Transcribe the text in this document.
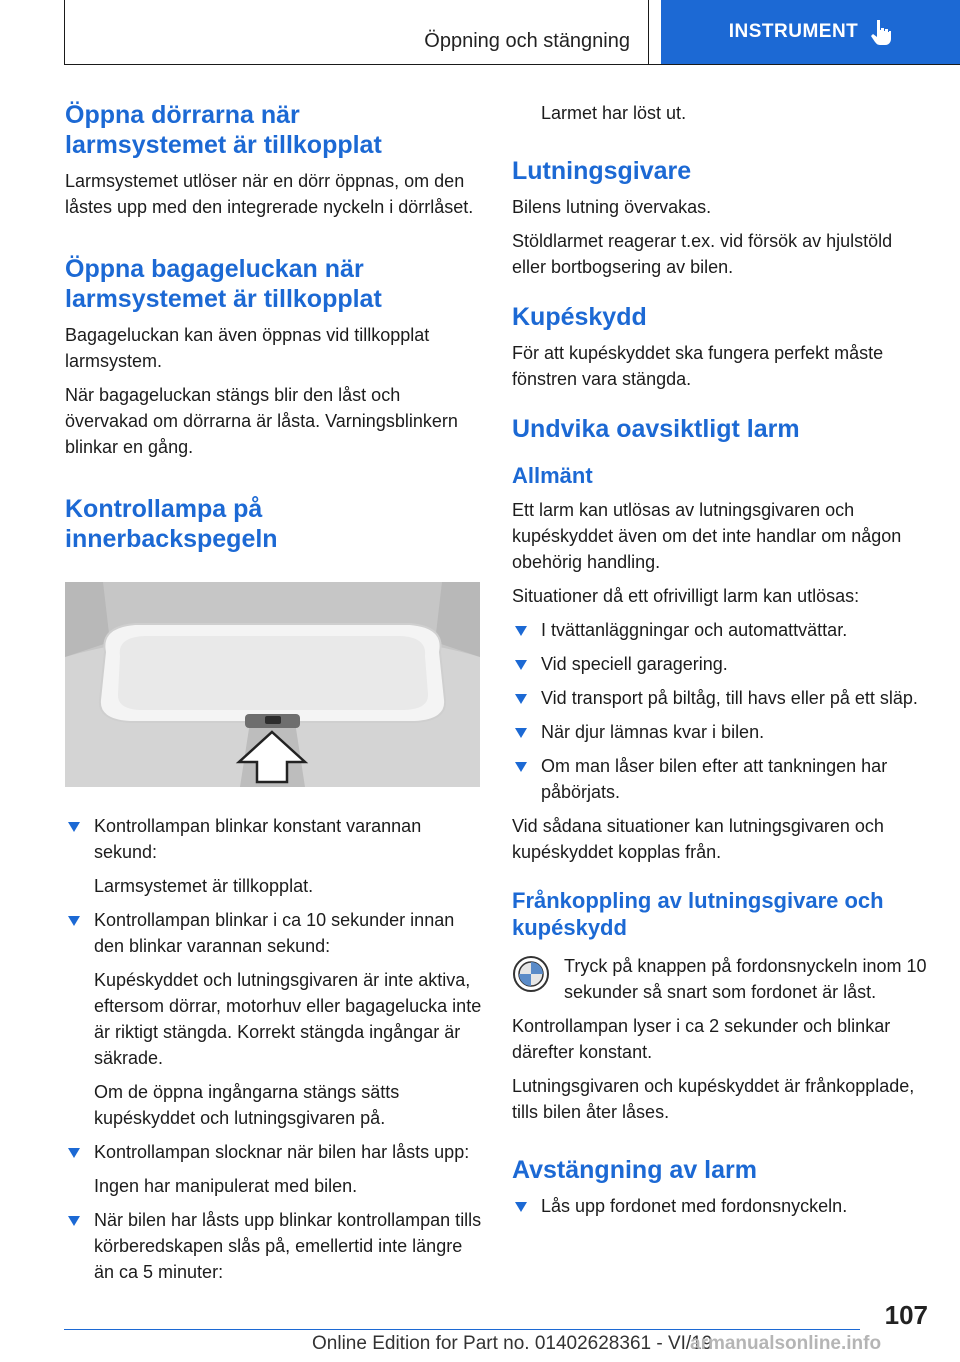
Öppning och stängning	INSTRUMENT
Öppna dörrarna när
larmsystemet är tillkopplat

Larmsystemet utlöser när en dörr öppnas, om den låstes upp med den integrerade nyckeln i dörrlåset.

Öppna bagageluckan när
larmsystemet är tillkopplat

Bagageluckan kan även öppnas vid tillkopplat larmsystem.

När bagageluckan stängs blir den låst och övervakad om dörrarna är låsta. Varningsblinkern blinkar en gång.

Kontrollampa på
innerbackspegeln

Kontrollampan blinkar konstant varannan sekund:

Larmsystemet är tillkopplat.

Kontrollampan blinkar i ca 10 sekunder innan den blinkar varannan sekund:

Kupéskyddet och lutningsgivaren är inte aktiva, eftersom dörrar, motorhuv eller bagagelucka inte är riktigt stängda. Korrekt stängda ingångar är säkrade.

Om de öppna ingångarna stängs sätts kupéskyddet och lutningsgivaren på.

Kontrollampan slocknar när bilen har låsts upp:

Ingen har manipulerat med bilen.

När bilen har låsts upp blinkar kontrollampan tills körberedskapen slås på, emellertid inte längre än ca 5 minuter:

Larmet har löst ut.

Lutningsgivare

Bilens lutning övervakas.

Stöldlarmet reagerar t.ex. vid försök av hjulstöld eller bortbogsering av bilen.

Kupéskydd

För att kupéskyddet ska fungera perfekt måste fönstren vara stängda.

Undvika oavsiktligt larm
Allmänt

Ett larm kan utlösas av lutningsgivaren och kupéskyddet även om det inte handlar om någon obehörig handling.

Situationer då ett ofrivilligt larm kan utlösas:

I tvättanläggningar och automattvättar.

Vid speciell garagering.

Vid transport på biltåg, till havs eller på ett släp.

När djur lämnas kvar i bilen.

Om man låser bilen efter att tankningen har påbörjats.

Vid sådana situationer kan lutningsgivaren och kupéskyddet kopplas från.

Frånkoppling av lutningsgivare och kupéskydd

Tryck på knappen på fordonsnyckeln inom 10 sekunder så snart som fordonet är låst.

Kontrollampan lyser i ca 2 sekunder och blinkar därefter konstant.

Lutningsgivaren och kupéskyddet är frånkopplade, tills bilen åter låses.

Avstängning av larm

Lås upp fordonet med fordonsnyckeln.

107
Online Edition for Part no. 01402628361 - VI/19
armanualsonline.info
